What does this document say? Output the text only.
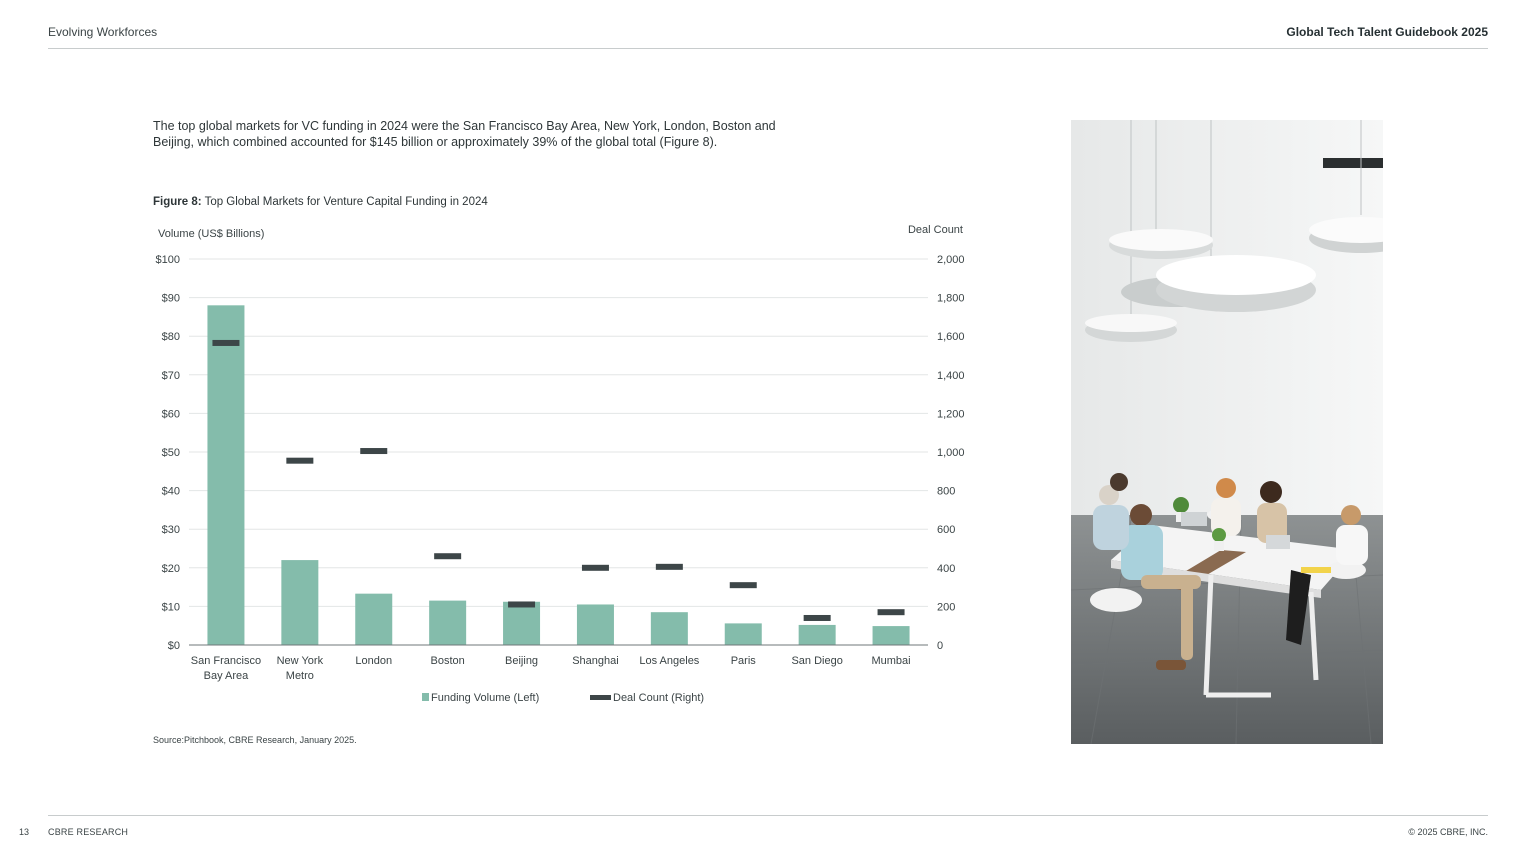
Evolving Workforces	Global Tech Talent Guidebook 2025

The top global markets for VC funding in 2024 were the San Francisco Bay Area, New York, London, Boston and Beijing, which combined accounted for $145 billion or approximately 39% of the global total (Figure 8).

Figure 8: Top Global Markets for Venture Capital Funding in 2024
$0
$10
$20
$30
$40
$50
$60
$70
$80
$90
$100
0
200
400
600
800
1,000
1,200
1,400
1,600
1,800
2,000
Volume (US$ Billions)	Deal Count
San Francisco
Bay Area
New York
Metro
London	Boston	Beijing	Shanghai Los Angeles	Paris	San Diego	Mumbai
Funding Volume (Left)	Deal Count (Right)
Source:Pitchbook, CBRE Research, January 2025.
13 CBRE RESEARCH	© 2025 CBRE, INC.
